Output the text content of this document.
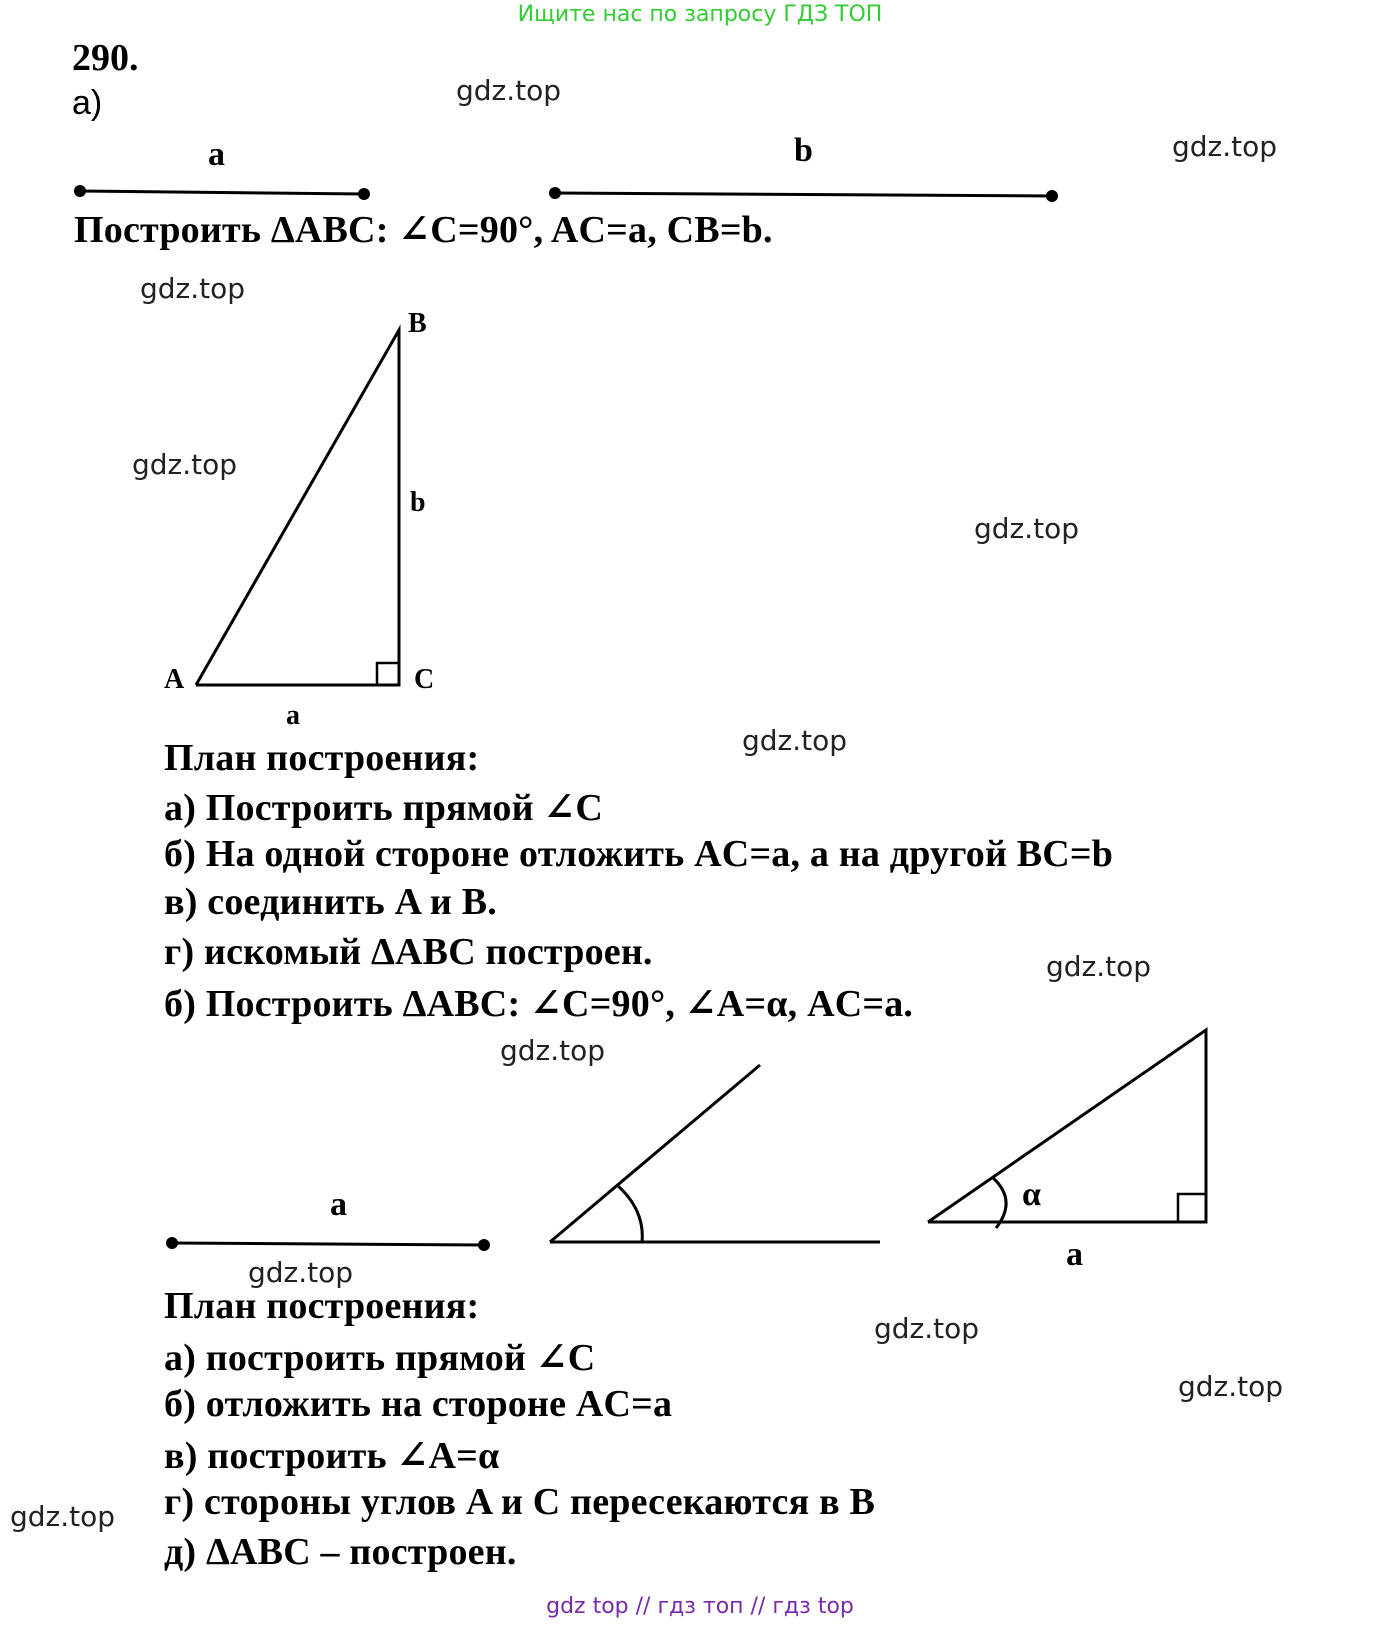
Ищите нас по запросу ГДЗ ТОП
290.
а)
a	b
Построить ΔABC: ∠C=90°, AC=a, CB=b.
B
b
A	C
a
План построения:
а) Построить прямой ∠C
б) На одной стороне отложить AC=a, а на другой BC=b
в) соединить A и B.
г) искомый ΔABC построен.
б) Построить ΔABC: ∠C=90°, ∠A=α, AC=a.
a	α
a
План построения:
а) построить прямой ∠C
б) отложить на стороне AC=a
в) построить ∠A=α
г) стороны углов A и C пересекаются в B
д) ΔABC – построен.
gdz.top
gdz.top
gdz.top
gdz.top
gdz.top
gdz.top
gdz.top
gdz.top
gdz.top
gdz.top
gdz.top
gdz.top
gdz top // гдз топ // гдз top
